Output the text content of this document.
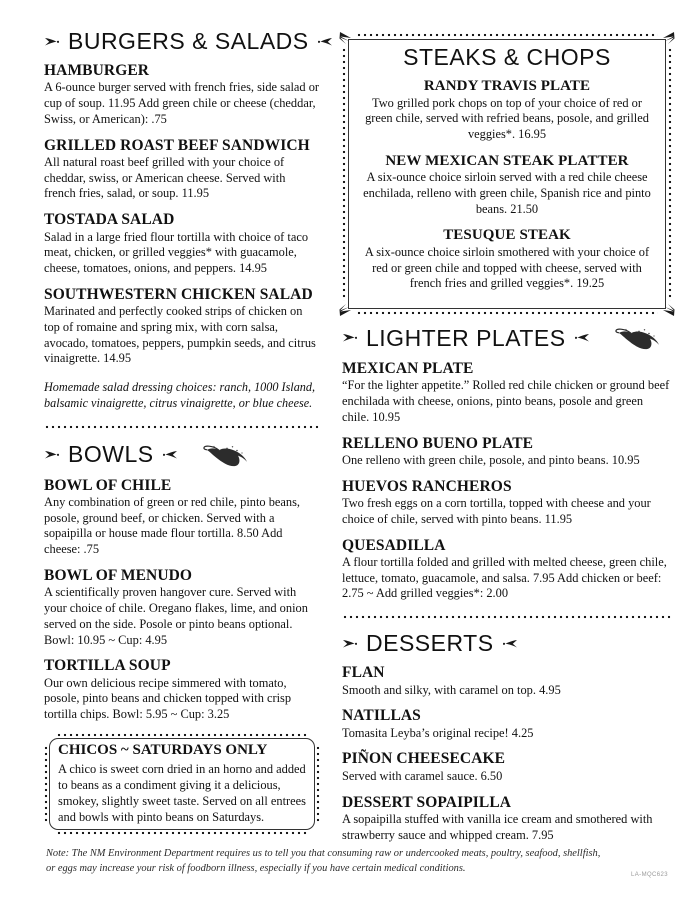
BURGERS & SALADS
HAMBURGER
A 6-ounce burger served with french fries, side salad or cup of soup. 11.95 Add green chile or cheese (cheddar, Swiss, or American): .75
GRILLED ROAST BEEF SANDWICH
All natural roast beef grilled with your choice of cheddar, swiss, or American cheese. Served with french fries, salad, or soup. 11.95
TOSTADA SALAD
Salad in a large fried flour tortilla with choice of taco meat, chicken, or grilled veggies* with guacamole, cheese, tomatoes, onions, and peppers. 14.95
SOUTHWESTERN CHICKEN SALAD
Marinated and perfectly cooked strips of chicken on top of romaine and spring mix, with corn salsa, avocado, tomatoes, peppers, pumpkin seeds, and citrus vinaigrette. 14.95
Homemade salad dressing choices: ranch, 1000 Island, balsamic vinaigrette, citrus vinaigrette, or blue cheese.
BOWLS
BOWL OF CHILE
Any combination of green or red chile, pinto beans, posole, ground beef, or chicken. Served with a sopaipilla or house made flour tortilla. 8.50 Add cheese: .75
BOWL OF MENUDO
A scientifically proven hangover cure. Served with your choice of chile. Oregano flakes, lime, and onion served on the side. Posole or pinto beans optional. Bowl: 10.95 ~ Cup: 4.95
TORTILLA SOUP
Our own delicious recipe simmered with tomato, posole, pinto beans and chicken topped with crisp tortilla chips. Bowl: 5.95 ~ Cup: 3.25
CHICOS ~ SATURDAYS ONLY
A chico is sweet corn dried in an horno and added to beans as a condiment giving it a delicious, smokey, slightly sweet taste. Served on all entrees and bowls with pinto beans on Saturdays.
STEAKS & CHOPS
RANDY TRAVIS PLATE
Two grilled pork chops on top of your choice of red or green chile, served with refried beans, posole, and grilled veggies*. 16.95
NEW MEXICAN STEAK PLATTER
A six-ounce choice sirloin served with a red chile cheese enchilada, relleno with green chile, Spanish rice and pinto beans. 21.50
TESUQUE STEAK
A six-ounce choice sirloin smothered with your choice of red or green chile and topped with cheese, served with french fries and grilled veggies*. 19.25
LIGHTER PLATES
MEXICAN PLATE
“For the lighter appetite.” Rolled red chile chicken or ground beef enchilada with cheese, onions, pinto beans, posole and green chile. 10.95
RELLENO BUENO PLATE
One relleno with green chile, posole, and pinto beans. 10.95
HUEVOS RANCHEROS
Two fresh eggs on a corn tortilla, topped with cheese and your choice of chile, served with pinto beans. 11.95
QUESADILLA
A flour tortilla folded and grilled with melted cheese, green chile, lettuce, tomato, guacamole, and salsa. 7.95 Add chicken or beef: 2.75 ~ Add grilled veggies*: 2.00
DESSERTS
FLAN
Smooth and silky, with caramel on top. 4.95
NATILLAS
Tomasita Leyba’s original recipe! 4.25
PIÑON CHEESECAKE
Served with caramel sauce. 6.50
DESSERT SOPAIPILLA
A sopaipilla stuffed with vanilla ice cream and smothered with strawberry sauce and whipped cream. 7.95
Note: The NM Environment Department requires us to tell you that consuming raw or undercooked meats, poultry, seafood, shellfish, or eggs may increase your risk of foodborn illness, especially if you have certain medical conditions.
LA-MQC623
